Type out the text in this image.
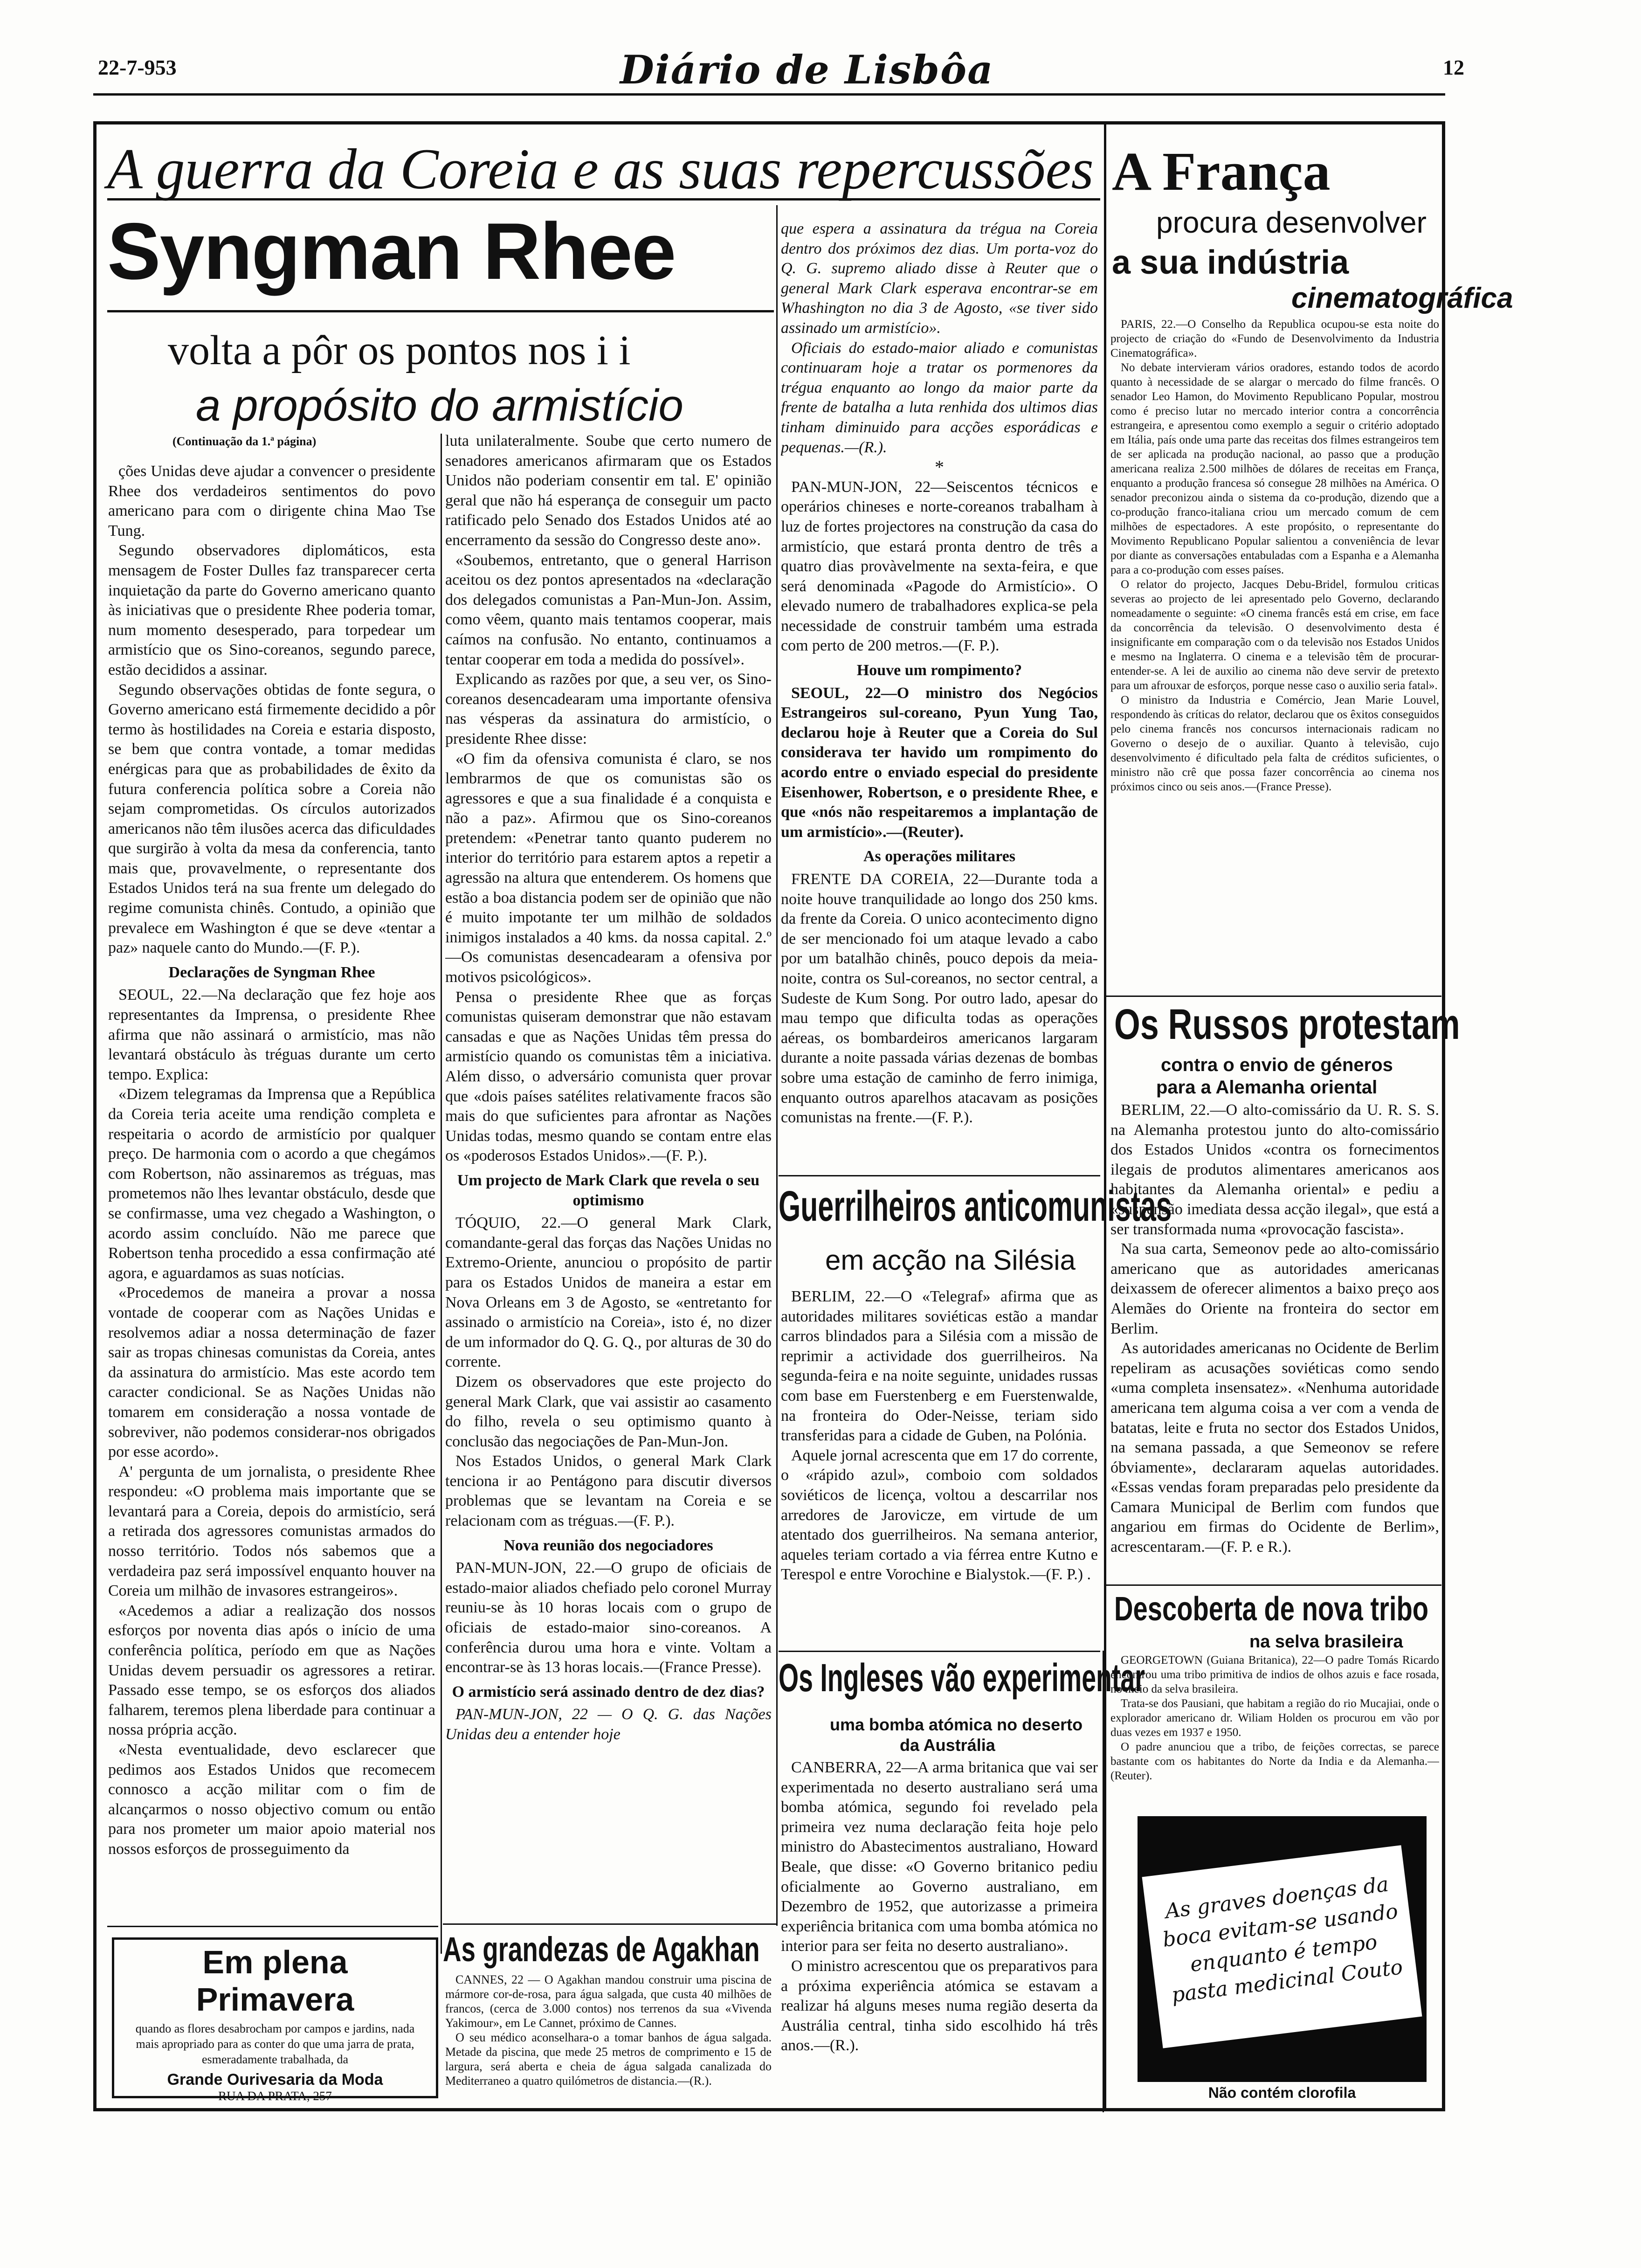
22-7-953	Diário de Lisbôa	12
A guerra da Coreia e as suas repercussões
Syngman Rhee
volta a pôr os pontos nos i i
a propósito do armistício
(Continuação da 1.ª página)

ções Unidas deve ajudar a convencer o presidente Rhee dos verdadeiros sentimentos do povo americano para com o dirigente china Mao Tse Tung.

Segundo observadores diplomáticos, esta mensagem de Foster Dulles faz transparecer certa inquietação da parte do Governo americano quanto às iniciativas que o presidente Rhee poderia tomar, num momento desesperado, para torpedear um armistício que os Sino-coreanos, segundo parece, estão decididos a assinar.

Segundo observações obtidas de fonte segura, o Governo americano está firmemente decidido a pôr termo às hostilidades na Coreia e estaria disposto, se bem que contra vontade, a tomar medidas enérgicas para que as probabilidades de êxito da futura conferencia política sobre a Coreia não sejam comprometidas. Os círculos autorizados americanos não têm ilusões acerca das dificuldades que surgirão à volta da mesa da conferencia, tanto mais que, provavelmente, o representante dos Estados Unidos terá na sua frente um delegado do regime comunista chinês. Contudo, a opinião que prevalece em Washington é que se deve «tentar a paz» naquele canto do Mundo.—(F. P.).

Declarações de Syngman Rhee

SEOUL, 22.—Na declaração que fez hoje aos representantes da Imprensa, o presidente Rhee afirma que não assinará o armistício, mas não levantará obstáculo às tréguas durante um certo tempo. Explica:

«Dizem telegramas da Imprensa que a República da Coreia teria aceite uma rendição completa e respeitaria o acordo de armistício por qualquer preço. De harmonia com o acordo a que chegámos com Robertson, não assinaremos as tréguas, mas prometemos não lhes levantar obstáculo, desde que se confirmasse, uma vez chegado a Washington, o acordo assim concluído. Não me parece que Robertson tenha procedido a essa confirmação até agora, e aguardamos as suas notícias.

«Procedemos de maneira a provar a nossa vontade de cooperar com as Nações Unidas e resolvemos adiar a nossa determinação de fazer sair as tropas chinesas comunistas da Coreia, antes da assinatura do armistício. Mas este acordo tem caracter condicional. Se as Nações Unidas não tomarem em consideração a nossa vontade de sobreviver, não podemos considerar-nos obrigados por esse acordo».

A' pergunta de um jornalista, o presidente Rhee respondeu: «O problema mais importante que se levantará para a Coreia, depois do armistício, será a retirada dos agressores comunistas armados do nosso território. Todos nós sabemos que a verdadeira paz será impossível enquanto houver na Coreia um milhão de invasores estrangeiros».

«Acedemos a adiar a realização dos nossos esforços por noventa dias após o início de uma conferência política, período em que as Nações Unidas devem persuadir os agressores a retirar. Passado esse tempo, se os esforços dos aliados falharem, teremos plena liberdade para continuar a nossa própria acção.

«Nesta eventualidade, devo esclarecer que pedimos aos Estados Unidos que recomecem connosco a acção militar com o fim de alcançarmos o nosso objectivo comum ou então para nos prometer um maior apoio material nos nossos esforços de prosseguimento da

Em plena Primavera
quando as flores desabrocham por campos e jardins, nada mais apropriado para as conter do que uma jarra de prata, esmeradamente trabalhada, da
Grande Ourivesaria da Moda
RUA DA PRATA, 257

luta unilateralmente. Soube que certo numero de senadores americanos afirmaram que os Estados Unidos não poderiam consentir em tal. E' opinião geral que não há esperança de conseguir um pacto ratificado pelo Senado dos Estados Unidos até ao encerramento da sessão do Congresso deste ano».

«Soubemos, entretanto, que o general Harrison aceitou os dez pontos apresentados na «declaração dos delegados comunistas a Pan-Mun-Jon. Assim, como vêem, quanto mais tentamos cooperar, mais caímos na confusão. No entanto, continuamos a tentar cooperar em toda a medida do possível».

Explicando as razões por que, a seu ver, os Sino-coreanos desencadearam uma importante ofensiva nas vésperas da assinatura do armistício, o presidente Rhee disse:

«O fim da ofensiva comunista é claro, se nos lembrarmos de que os comunistas são os agressores e que a sua finalidade é a conquista e não a paz». Afirmou que os Sino-coreanos pretendem: «Penetrar tanto quanto puderem no interior do território para estarem aptos a repetir a agressão na altura que entenderem. Os homens que estão a boa distancia podem ser de opinião que não é muito impotante ter um milhão de soldados inimigos instalados a 40 kms. da nossa capital. 2.º—Os comunistas desencadearam a ofensiva por motivos psicológicos».

Pensa o presidente Rhee que as forças comunistas quiseram demonstrar que não estavam cansadas e que as Nações Unidas têm pressa do armistício quando os comunistas têm a iniciativa. Além disso, o adversário comunista quer provar que «dois países satélites relativamente fracos são mais do que suficientes para afrontar as Nações Unidas todas, mesmo quando se contam entre elas os «poderosos Estados Unidos».—(F. P.).

Um projecto de Mark Clark que revela o seu optimismo

TÓQUIO, 22.—O general Mark Clark, comandante-geral das forças das Nações Unidas no Extremo-Oriente, anunciou o propósito de partir para os Estados Unidos de maneira a estar em Nova Orleans em 3 de Agosto, se «entretanto for assinado o armistício na Coreia», isto é, no dizer de um informador do Q. G. Q., por alturas de 30 do corrente.

Dizem os observadores que este projecto do general Mark Clark, que vai assistir ao casamento do filho, revela o seu optimismo quanto à conclusão das negociações de Pan-Mun-Jon.

Nos Estados Unidos, o general Mark Clark tenciona ir ao Pentágono para discutir diversos problemas que se levantam na Coreia e se relacionam com as tréguas.—(F. P.).

Nova reunião dos negociadores

PAN-MUN-JON, 22.—O grupo de oficiais de estado-maior aliados chefiado pelo coronel Murray reuniu-se às 10 horas locais com o grupo de oficiais de estado-maior sino-coreanos. A conferência durou uma hora e vinte. Voltam a encontrar-se às 13 horas locais.—(France Presse).

O armistício será assinado dentro de dez dias?

PAN-MUN-JON, 22 — O Q. G. das Nações Unidas deu a entender hoje

As grandezas de Agakhan

CANNES, 22 — O Agakhan mandou construir uma piscina de mármore cor-de-rosa, para água salgada, que custa 40 milhões de francos, (cerca de 3.000 contos) nos terrenos da sua «Vivenda Yakimour», em Le Cannet, próximo de Cannes.

O seu médico aconselhara-o a tomar banhos de água salgada. Metade da piscina, que mede 25 metros de comprimento e 15 de largura, será aberta e cheia de água salgada canalizada do Mediterraneo a quatro quilómetros de distancia.—(R.).

que espera a assinatura da trégua na Coreia dentro dos próximos dez dias. Um porta-voz do Q. G. supremo aliado disse à Reuter que o general Mark Clark esperava encontrar-se em Whashington no dia 3 de Agosto, «se tiver sido assinado um armistício».

Oficiais do estado-maior aliado e comunistas continuaram hoje a tratar os pormenores da trégua enquanto ao longo da maior parte da frente de batalha a luta renhida dos ultimos dias tinham diminuido para acções esporádicas e pequenas.—(R.).

*

PAN-MUN-JON, 22—Seiscentos técnicos e operários chineses e norte-coreanos trabalham à luz de fortes projectores na construção da casa do armistício, que estará pronta dentro de três a quatro dias provàvelmente na sexta-feira, e que será denominada «Pagode do Armistício». O elevado numero de trabalhadores explica-se pela necessidade de construir também uma estrada com perto de 200 metros.—(F. P.).

Houve um rompimento?

SEOUL, 22—O ministro dos Negócios Estrangeiros sul-coreano, Pyun Yung Tao, declarou hoje à Reuter que a Coreia do Sul considerava ter havido um rompimento do acordo entre o enviado especial do presidente Eisenhower, Robertson, e o presidente Rhee, e que «nós não respeitaremos a implantação de um armistício».—(Reuter).

As operações militares

FRENTE DA COREIA, 22—Durante toda a noite houve tranquilidade ao longo dos 250 kms. da frente da Coreia. O unico acontecimento digno de ser mencionado foi um ataque levado a cabo por um batalhão chinês, pouco depois da meia-noite, contra os Sul-coreanos, no sector central, a Sudeste de Kum Song. Por outro lado, apesar do mau tempo que dificulta todas as operações aéreas, os bombardeiros americanos largaram durante a noite passada várias dezenas de bombas sobre uma estação de caminho de ferro inimiga, enquanto outros aparelhos atacavam as posições comunistas na frente.—(F. P.).

Guerrilheiros anticomunistas
em acção na Silésia

BERLIM, 22.—O «Telegraf» afirma que as autoridades militares soviéticas estão a mandar carros blindados para a Silésia com a missão de reprimir a actividade dos guerrilheiros. Na segunda-feira e na noite seguinte, unidades russas com base em Fuerstenberg e em Fuerstenwalde, na fronteira do Oder-Neisse, teriam sido transferidas para a cidade de Guben, na Polónia.

Aquele jornal acrescenta que em 17 do corrente, o «rápido azul», comboio com soldados soviéticos de licença, voltou a descarrilar nos arredores de Jarovicze, em virtude de um atentado dos guerrilheiros. Na semana anterior, aqueles teriam cortado a via férrea entre Kutno e Terespol e entre Vorochine e Bialystok.—(F. P.) .

Os Ingleses vão experimentar
uma bomba atómica no deserto
da Austrália

CANBERRA, 22—A arma britanica que vai ser experimentada no deserto australiano será uma bomba atómica, segundo foi revelado pela primeira vez numa declaração feita hoje pelo ministro do Abastecimentos australiano, Howard Beale, que disse: «O Governo britanico pediu oficialmente ao Governo australiano, em Dezembro de 1952, que autorizasse a primeira experiência britanica com uma bomba atómica no interior para ser feita no deserto australiano».

O ministro acrescentou que os preparativos para a próxima experiência atómica se estavam a realizar há alguns meses numa região deserta da Austrália central, tinha sido escolhido há três anos.—(R.).

A França
procura desenvolver
a sua indústria
cinematográfica

PARIS, 22.—O Conselho da Republica ocupou-se esta noite do projecto de criação do «Fundo de Desenvolvimento da Industria Cinematográfica».

No debate intervieram vários oradores, estando todos de acordo quanto à necessidade de se alargar o mercado do filme francês. O senador Leo Hamon, do Movimento Republicano Popular, mostrou como é preciso lutar no mercado interior contra a concorrência estrangeira, e apresentou como exemplo a seguir o critério adoptado em Itália, país onde uma parte das receitas dos filmes estrangeiros tem de ser aplicada na produção nacional, ao passo que a produção americana realiza 2.500 milhões de dólares de receitas em França, enquanto a produção francesa só consegue 28 milhões na América. O senador preconizou ainda o sistema da co-produção, dizendo que a co-produção franco-italiana criou um mercado comum de cem milhões de espectadores. A este propósito, o representante do Movimento Republicano Popular salientou a conveniência de levar por diante as conversações entabuladas com a Espanha e a Alemanha para a co-produção com esses países.

O relator do projecto, Jacques Debu-Bridel, formulou criticas severas ao projecto de lei apresentado pelo Governo, declarando nomeadamente o seguinte: «O cinema francês está em crise, em face da concorrência da televisão. O desenvolvimento desta é insignificante em comparação com o da televisão nos Estados Unidos e mesmo na Inglaterra. O cinema e a televisão têm de procurar-entender-se. A lei de auxilio ao cinema não deve servir de pretexto para um afrouxar de esforços, porque nesse caso o auxilio seria fatal».

O ministro da Industria e Comércio, Jean Marie Louvel, respondendo às críticas do relator, declarou que os êxitos conseguidos pelo cinema francês nos concursos internacionais radicam no Governo o desejo de o auxiliar. Quanto à televisão, cujo desenvolvimento é dificultado pela falta de créditos suficientes, o ministro não crê que possa fazer concorrência ao cinema nos próximos cinco ou seis anos.—(France Presse).

Os Russos protestam
contra o envio de géneros
para a Alemanha oriental

BERLIM, 22.—O alto-comissário da U. R. S. S. na Alemanha protestou junto do alto-comissário dos Estados Unidos «contra os fornecimentos ilegais de produtos alimentares americanos aos habitantes da Alemanha oriental» e pediu a «suspensão imediata dessa acção ilegal», que está a ser transformada numa «provocação fascista».

Na sua carta, Semeonov pede ao alto-comissário americano que as autoridades americanas deixassem de oferecer alimentos a baixo preço aos Alemães do Oriente na fronteira do sector em Berlim.

As autoridades americanas no Ocidente de Berlim repeliram as acusações soviéticas como sendo «uma completa insensatez». «Nenhuma autoridade americana tem alguma coisa a ver com a venda de batatas, leite e fruta no sector dos Estados Unidos, na semana passada, a que Semeonov se refere óbviamente», declararam aquelas autoridades. «Essas vendas foram preparadas pelo presidente da Camara Municipal de Berlim com fundos que angariou em firmas do Ocidente de Berlim», acrescentaram.—(F. P. e R.).

Descoberta de nova tribo
na selva brasileira

GEORGETOWN (Guiana Britanica), 22—O padre Tomás Ricardo encontrou uma tribo primitiva de indios de olhos azuis e face rosada, no meio da selva brasileira.

Trata-se dos Pausiani, que habitam a região do rio Mucajiai, onde o explorador americano dr. Wiliam Holden os procurou em vão por duas vezes em 1937 e 1950.

O padre anunciou que a tribo, de feições correctas, se parece bastante com os habitantes do Norte da India e da Alemanha.—(Reuter).

As graves doenças da boca evitam-se usando enquanto é tempo pasta medicinal Couto
Não contém clorofila
